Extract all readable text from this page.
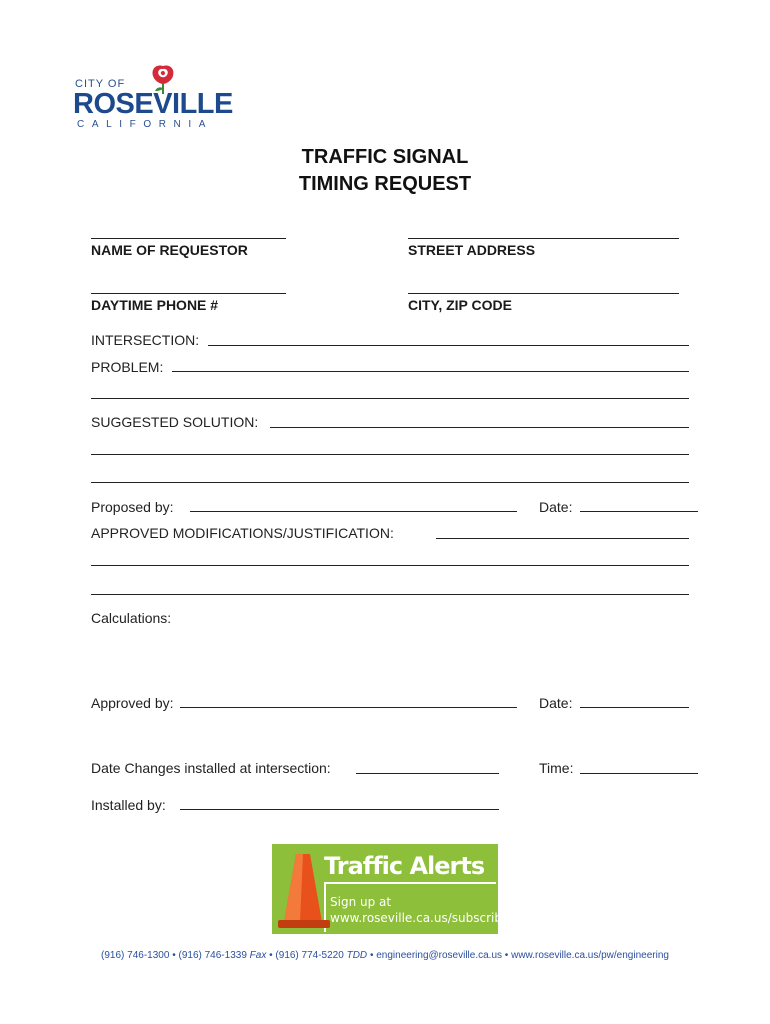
CITY OF
ROSEVILLE
CALIFORNIA
TRAFFIC SIGNAL
TIMING REQUEST
NAME OF REQUESTOR	STREET ADDRESS
DAYTIME PHONE #	CITY, ZIP CODE
INTERSECTION:
PROBLEM:
SUGGESTED SOLUTION:
Proposed by:	Date:
APPROVED MODIFICATIONS/JUSTIFICATION:
Calculations:
Approved by:	Date:
Date Changes installed at intersection:	Time:
Installed by:
Traffic Alerts
Sign up at
www.roseville.ca.us/subscribe
(916) 746-1300 • (916) 746-1339 Fax • (916) 774-5220 TDD • engineering@roseville.ca.us • www.roseville.ca.us/pw/engineering
